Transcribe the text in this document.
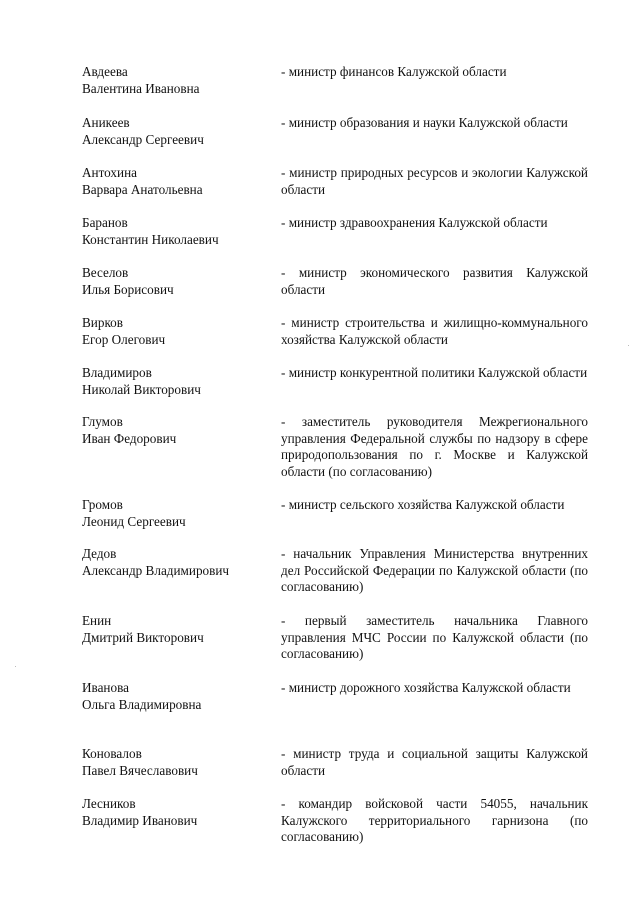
Авдеева
Валентина Ивановна
- министр финансов Калужской области
Аникеев
Александр Сергеевич
- министр образования и науки Калужской области
Антохина
Варвара Анатольевна
- министр природных ресурсов и экологии Калужской области
Баранов
Константин Николаевич
- министр здравоохранения Калужской области
Веселов
Илья Борисович
- министр экономического развития Калужской области
Вирков
Егор Олегович
- министр строительства и жилищно-коммунального хозяйства Калужской области
Владимиров
Николай Викторович
- министр конкурентной политики Калужской области
Глумов
Иван Федорович
- заместитель руководителя Межрегионального управления Федеральной службы по надзору в сфере природопользования по г. Москве и Калужской области (по согласованию)
Громов
Леонид Сергеевич
- министр сельского хозяйства Калужской области
Дедов
Александр Владимирович
- начальник Управления Министерства внутренних дел Российской Федерации по Калужской области (по согласованию)
Енин
Дмитрий Викторович
- первый заместитель начальника Главного управления МЧС России по Калужской области (по согласованию)
Иванова
Ольга Владимировна
- министр дорожного хозяйства Калужской области
Коновалов
Павел Вячеславович
- министр труда и социальной защиты Калужской области
Лесников
Владимир Иванович
- командир войсковой части 54055, начальник Калужского территориального гарнизона (по согласованию)
